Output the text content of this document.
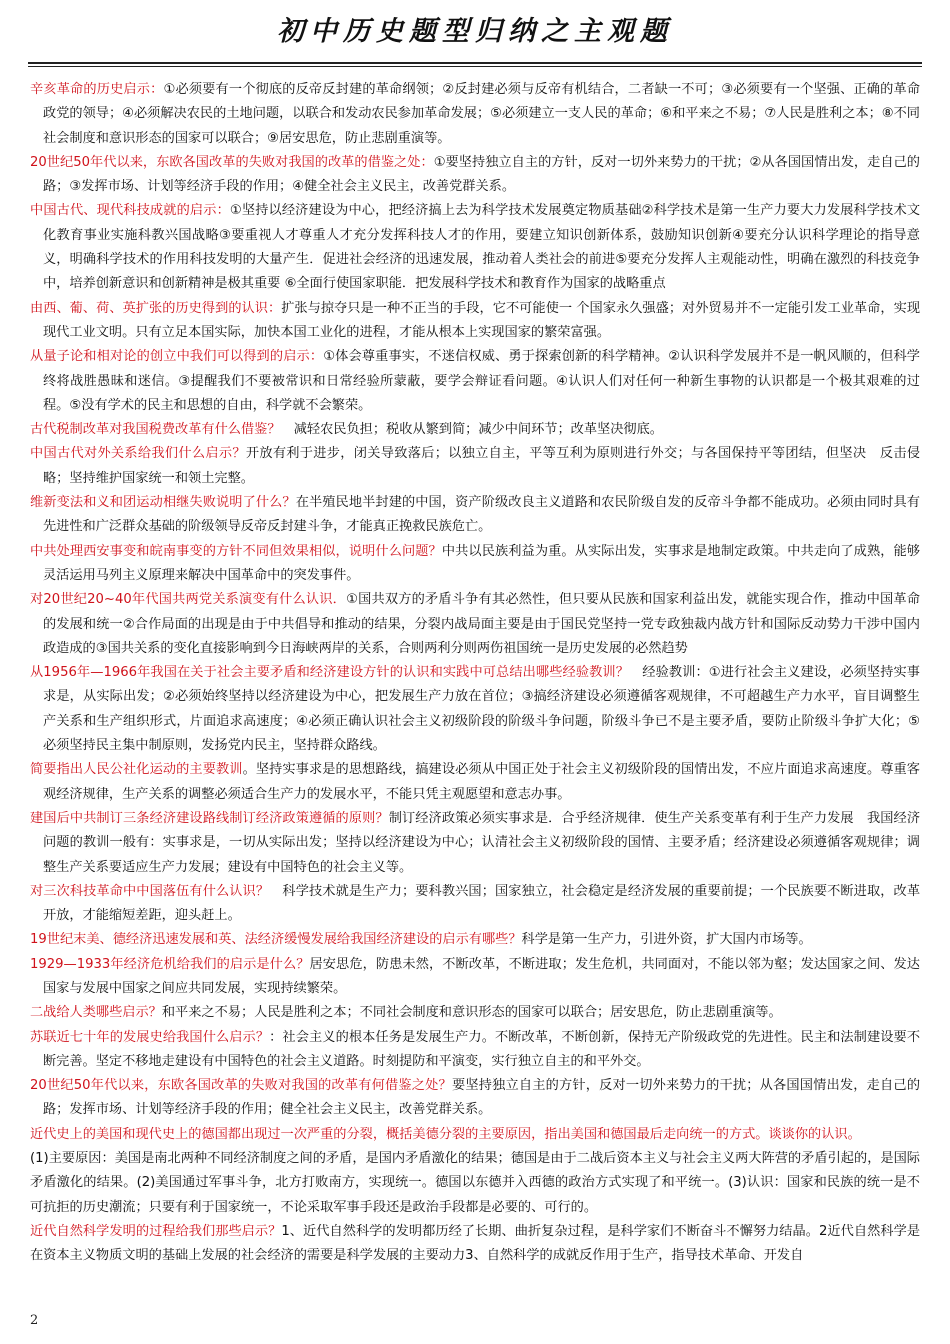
初中历史题型归纳之主观题
辛亥革命的历史启示：①必须要有一个彻底的反帝反封建的革命纲领；②反封建必须与反帝有机结合，二者缺一不可；③必须要有一个坚强、正确的革命政党的领导；④必须解决农民的土地问题，以联合和发动农民参加革命发展；⑤必须建立一支人民的革命；⑥和平来之不易；⑦人民是胜利之本；⑧不同社会制度和意识形态的国家可以联合；⑨居安思危，防止悲剧重演等。
20世纪50年代以来，东欧各国改革的失败对我国的改革的借鉴之处：①要坚持独立自主的方针，反对一切外来势力的干扰；②从各国国情出发，走自己的路；③发挥市场、计划等经济手段的作用；④健全社会主义民主，改善党群关系。
中国古代、现代科技成就的启示：①坚持以经济建设为中心，把经济搞上去为科学技术发展奠定物质基础②科学技术是第一生产力要大力发展科学技术文化教育事业实施科教兴国战略③要重视人才尊重人才充分发挥科技人才的作用，要建立知识创新体系，鼓励知识创新④要充分认识科学理论的指导意义，明确科学技术的作用科技发明的大量产生．促进社会经济的迅速发展，推动着人类社会的前进⑤要充分发挥人主观能动性，明确在激烈的科技竞争中，培养创新意识和创新精神是极其重要 ⑥全面行使国家职能．把发展科学技术和教育作为国家的战略重点
由西、葡、荷、英扩张的历史得到的认识：扩张与掠夺只是一种不正当的手段，它不可能使一 个国家永久强盛；对外贸易并不一定能引发工业革命，实现现代工业文明。只有立足本国实际，加快本国工业化的进程，才能从根本上实现国家的繁荣富强。
从量子论和相对论的创立中我们可以得到的启示：①体会尊重事实，不迷信权威、勇于探索创新的科学精神。②认识科学发展并不是一帆风顺的，但科学终将战胜愚昧和迷信。③提醒我们不要被常识和日常经验所蒙蔽，要学会辩证看问题。④认识人们对任何一种新生事物的认识都是一个极其艰难的过程。⑤没有学术的民主和思想的自由，科学就不会繁荣。
古代税制改革对我国税费改革有什么借鉴？　减轻农民负担；税收从繁到简；减少中间环节；改革坚决彻底。
中国古代对外关系给我们什么启示？开放有利于进步，闭关导致落后；以独立自主，平等互利为原则进行外交；与各国保持平等团结，但坚决　反击侵略；坚持维护国家统一和领土完整。
维新变法和义和团运动相继失败说明了什么？在半殖民地半封建的中国，资产阶级改良主义道路和农民阶级自发的反帝斗争都不能成功。必须由同时具有先进性和广泛群众基础的阶级领导反帝反封建斗争，才能真正挽救民族危亡。
中共处理西安事变和皖南事变的方针不同但效果相似，说明什么问题？中共以民族利益为重。从实际出发，实事求是地制定政策。中共走向了成熟，能够灵活运用马列主义原理来解决中国革命中的突发事件。
对20世纪20~40年代国共两党关系演变有什么认识．①国共双方的矛盾斗争有其必然性，但只要从民族和国家利益出发，就能实现合作，推动中国革命的发展和统一②合作局面的出现是由于中共倡导和推动的结果，分裂内战局面主要是由于国民党坚持一党专政独裁内战方针和国际反动势力干涉中国内政造成的③国共关系的变化直接影响到今日海峡两岸的关系，合则两利分则两伤祖国统一是历史发展的必然趋势
从1956年—1966年我国在关于社会主要矛盾和经济建设方针的认识和实践中可总结出哪些经验教训？　经验教训：①进行社会主义建设，必须坚持实事求是，从实际出发；②必须始终坚持以经济建设为中心，把发展生产力放在首位；③搞经济建设必须遵循客观规律，不可超越生产力水平，盲目调整生产关系和生产组织形式，片面追求高速度；④必须正确认识社会主义初级阶段的阶级斗争问题，阶级斗争已不是主要矛盾，要防止阶级斗争扩大化；⑤必须坚持民主集中制原则，发扬党内民主，坚持群众路线。
简要指出人民公社化运动的主要教训。坚持实事求是的思想路线，搞建设必须从中国正处于社会主义初级阶段的国情出发，不应片面追求高速度。尊重客观经济规律，生产关系的调整必须适合生产力的发展水平，不能只凭主观愿望和意志办事。
建国后中共制订三条经济建设路线制订经济政策遵循的原则？制订经济政策必须实事求是．合乎经济规律．使生产关系变革有利于生产力发展　我国经济问题的教训一般有：实事求是，一切从实际出发；坚持以经济建设为中心；认清社会主义初级阶段的国情、主要矛盾；经济建设必须遵循客观规律；调整生产关系要适应生产力发展；建设有中国特色的社会主义等。
对三次科技革命中中国落伍有什么认识？　科学技术就是生产力；要科教兴国；国家独立，社会稳定是经济发展的重要前提；一个民族要不断进取，改革开放，才能缩短差距，迎头赶上。
19世纪末美、德经济迅速发展和英、法经济缓慢发展给我国经济建设的启示有哪些？科学是第一生产力，引进外资，扩大国内市场等。
1929—1933年经济危机给我们的启示是什么？居安思危，防患未然，不断改革，不断进取；发生危机，共同面对，不能以邻为壑；发达国家之间、发达国家与发展中国家之间应共同发展，实现持续繁荣。
二战给人类哪些启示？和平来之不易；人民是胜利之本；不同社会制度和意识形态的国家可以联合；居安思危，防止悲剧重演等。
苏联近七十年的发展史给我国什么启示？：社会主义的根本任务是发展生产力。不断改革，不断创新，保持无产阶级政党的先进性。民主和法制建设要不断完善。坚定不移地走建设有中国特色的社会主义道路。时刻提防和平演变，实行独立自主的和平外交。
20世纪50年代以来，东欧各国改革的失败对我国的改革有何借鉴之处？要坚持独立自主的方针，反对一切外来势力的干扰；从各国国情出发，走自己的路；发挥市场、计划等经济手段的作用；健全社会主义民主，改善党群关系。
近代史上的美国和现代史上的德国都出现过一次严重的分裂，概括美德分裂的主要原因，指出美国和德国最后走向统一的方式。谈谈你的认识。
(1)主要原因：美国是南北两种不同经济制度之间的矛盾，是国内矛盾激化的结果；德国是由于二战后资本主义与社会主义两大阵营的矛盾引起的，是国际矛盾激化的结果。(2)美国通过军事斗争，北方打败南方，实现统一。德国以东德并入西德的政治方式实现了和平统一。(3)认识：国家和民族的统一是不可抗拒的历史潮流；只要有利于国家统一，不论采取军事手段还是政治手段都是必要的、可行的。
近代自然科学发明的过程给我们那些启示？1、近代自然科学的发明都历经了长期、曲折复杂过程，是科学家们不断奋斗不懈努力结晶。2近代自然科学是在资本主义物质文明的基础上发展的社会经济的需要是科学发展的主要动力3、自然科学的成就反作用于生产，指导技术革命、开发自
2
